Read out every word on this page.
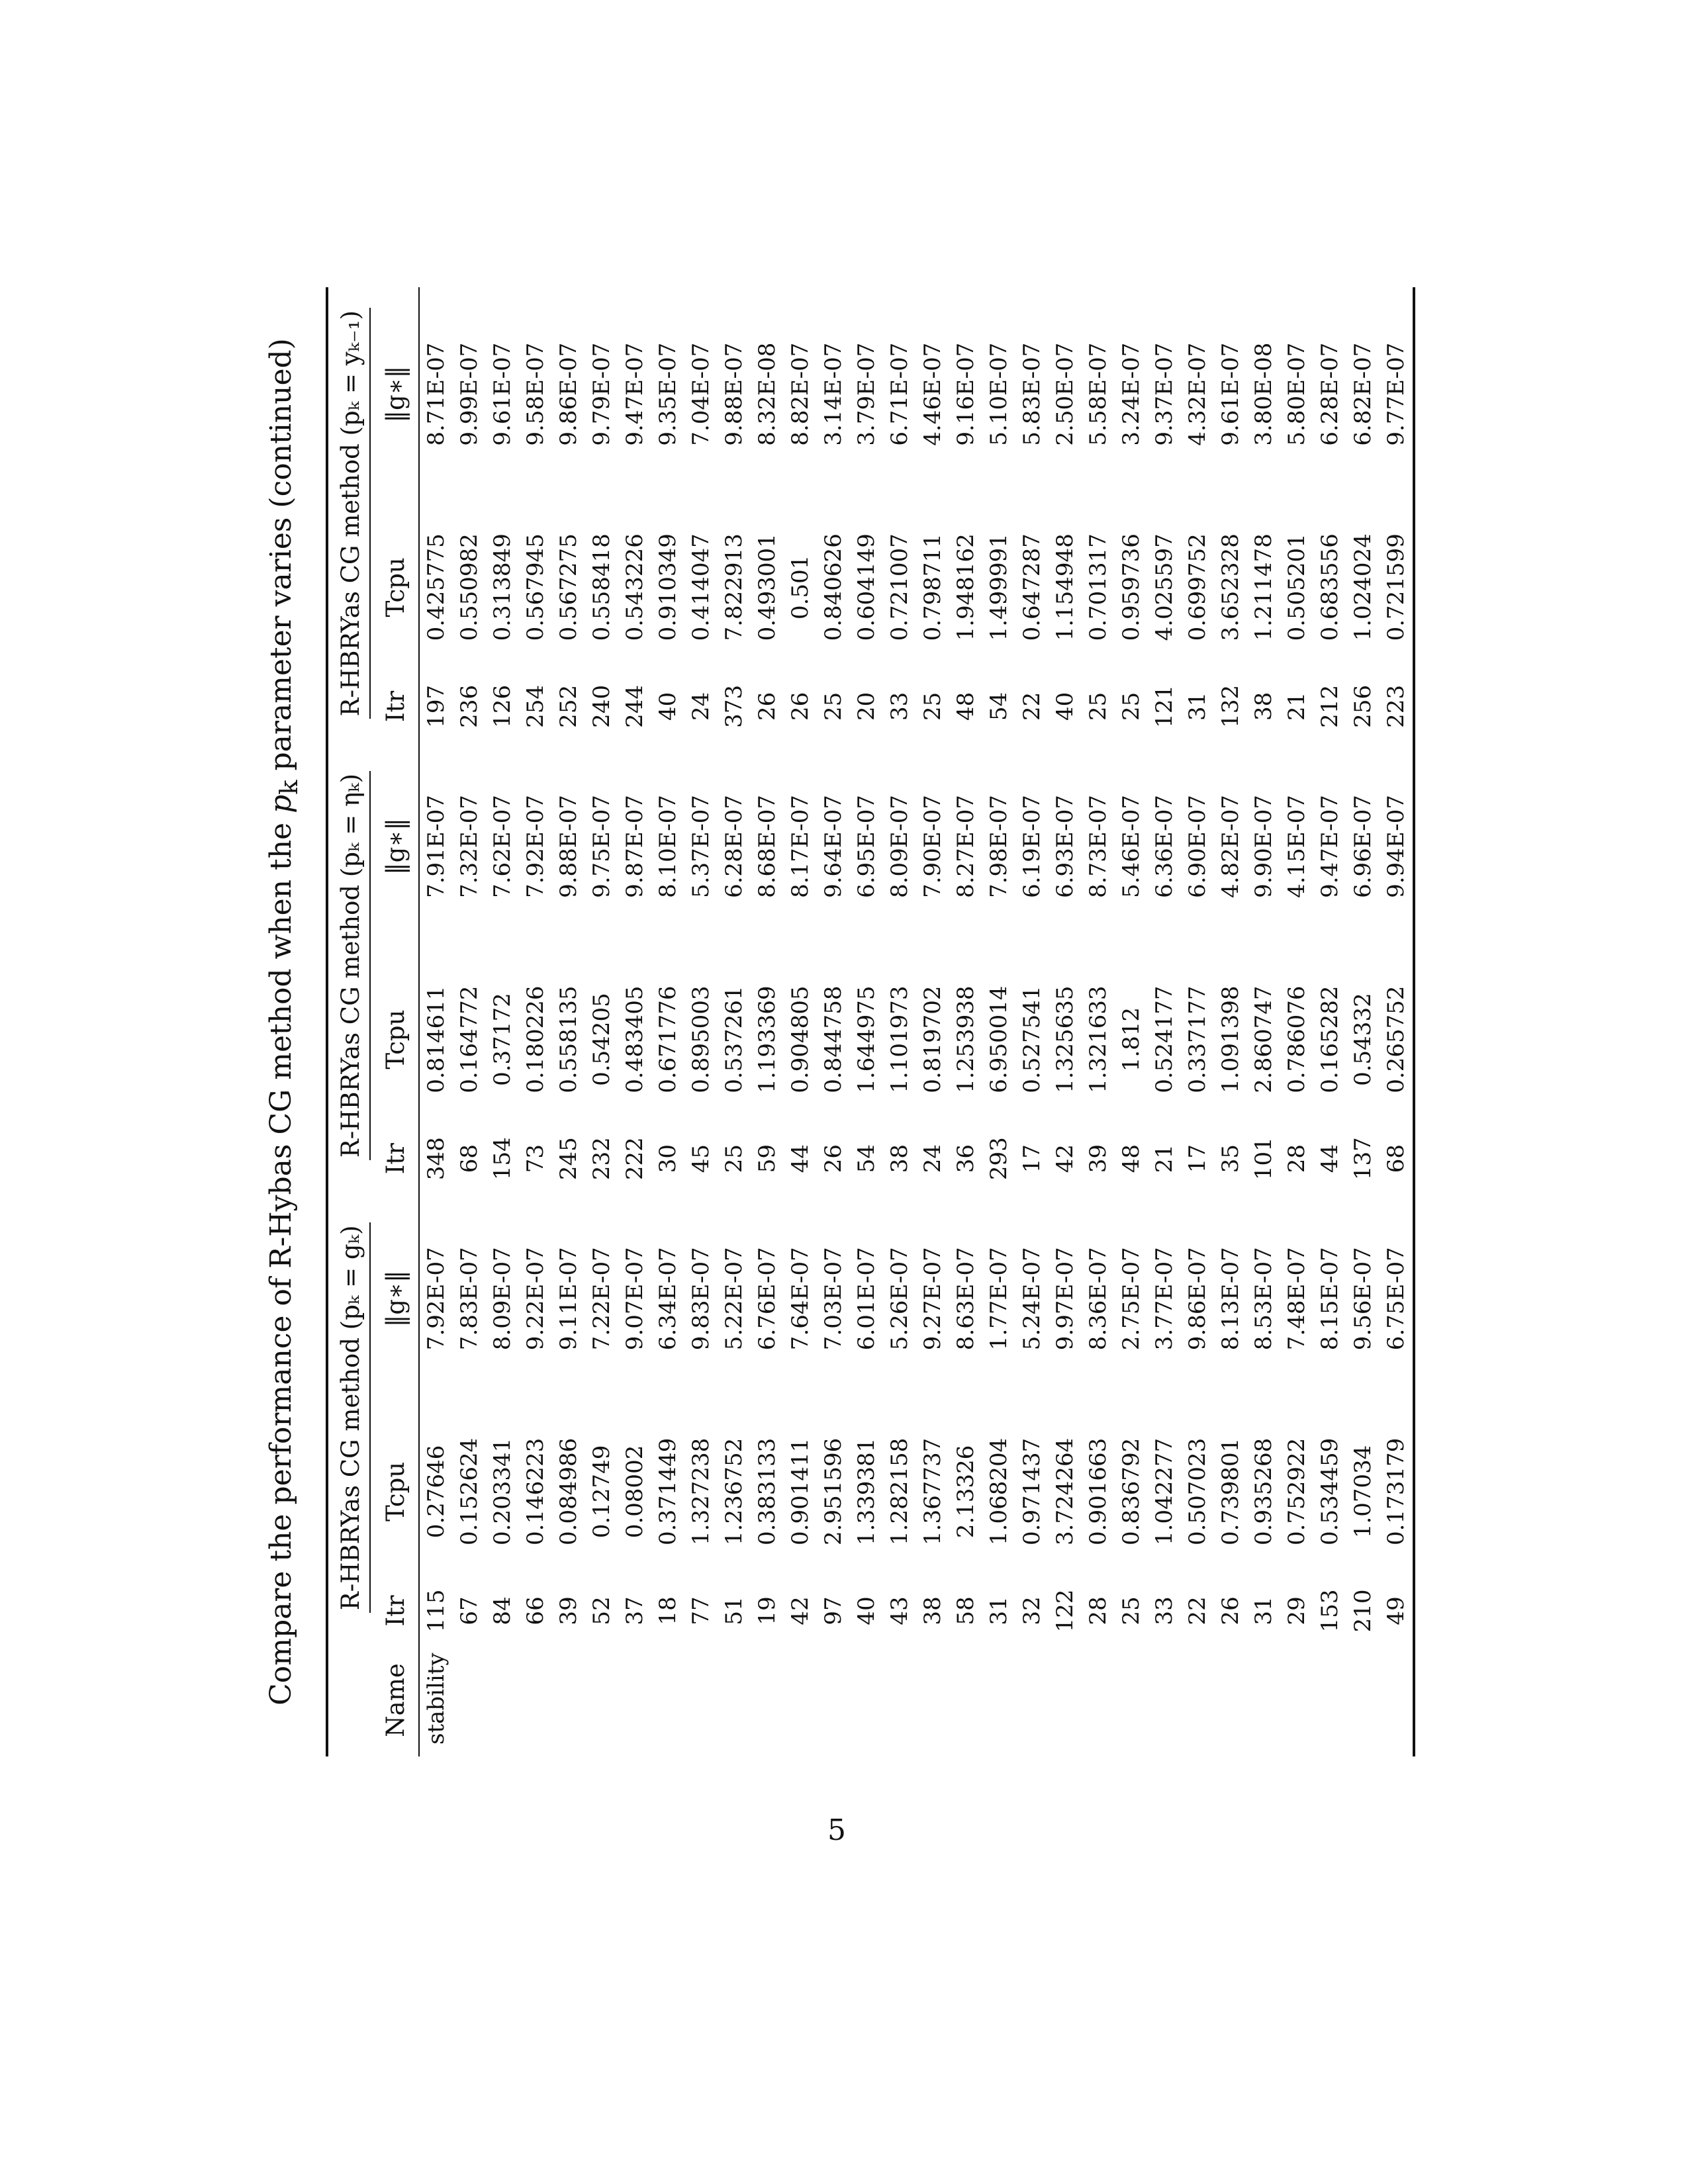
Compare the performance of R-Hybas CG method when the $p_k$ parameter varies (continued)
	R-HBRYas CG method (pₖ = gₖ)			R-HBRYas CG method (pₖ = ηₖ)			R-HBRYas CG method (pₖ = yₖ₋₁)		
Name	Itr	Tcpu	‖g∗‖	Itr	Tcpu	‖g∗‖	Itr	Tcpu	‖g∗‖
stability	115	0.27646	7.92E-07	348	0.814611	7.91E-07	197	0.425775	8.71E-07
	67	0.152624	7.83E-07	68	0.164772	7.32E-07	236	0.550982	9.99E-07
	84	0.203341	8.09E-07	154	0.37172	7.62E-07	126	0.313849	9.61E-07
	66	0.146223	9.22E-07	73	0.180226	7.92E-07	254	0.567945	9.58E-07
	39	0.084986	9.11E-07	245	0.558135	9.88E-07	252	0.567275	9.86E-07
	52	0.12749	7.22E-07	232	0.54205	9.75E-07	240	0.558418	9.79E-07
	37	0.08002	9.07E-07	222	0.483405	9.87E-07	244	0.543226	9.47E-07
	18	0.371449	6.34E-07	30	0.671776	8.10E-07	40	0.910349	9.35E-07
	77	1.327238	9.83E-07	45	0.895003	5.37E-07	24	0.414047	7.04E-07
	51	1.236752	5.22E-07	25	0.537261	6.28E-07	373	7.822913	9.88E-07
	19	0.383133	6.76E-07	59	1.193369	8.68E-07	26	0.493001	8.32E-08
	42	0.901411	7.64E-07	44	0.904805	8.17E-07	26	0.501	8.82E-07
	97	2.951596	7.03E-07	26	0.844758	9.64E-07	25	0.840626	3.14E-07
	40	1.339381	6.01E-07	54	1.644975	6.95E-07	20	0.604149	3.79E-07
	43	1.282158	5.26E-07	38	1.101973	8.09E-07	33	0.721007	6.71E-07
	38	1.367737	9.27E-07	24	0.819702	7.90E-07	25	0.798711	4.46E-07
	58	2.13326	8.63E-07	36	1.253938	8.27E-07	48	1.948162	9.16E-07
	31	1.068204	1.77E-07	293	6.950014	7.98E-07	54	1.499991	5.10E-07
	32	0.971437	5.24E-07	17	0.527541	6.19E-07	22	0.647287	5.83E-07
	122	3.724264	9.97E-07	42	1.325635	6.93E-07	40	1.154948	2.50E-07
	28	0.901663	8.36E-07	39	1.321633	8.73E-07	25	0.701317	5.58E-07
	25	0.836792	2.75E-07	48	1.812	5.46E-07	25	0.959736	3.24E-07
	33	1.042277	3.77E-07	21	0.524177	6.36E-07	121	4.025597	9.37E-07
	22	0.507023	9.86E-07	17	0.337177	6.90E-07	31	0.699752	4.32E-07
	26	0.739801	8.13E-07	35	1.091398	4.82E-07	132	3.652328	9.61E-07
	31	0.935268	8.53E-07	101	2.860747	9.90E-07	38	1.211478	3.80E-08
	29	0.752922	7.48E-07	28	0.786076	4.15E-07	21	0.505201	5.80E-07
	153	0.534459	8.15E-07	44	0.165282	9.47E-07	212	0.683556	6.28E-07
	210	1.07034	9.56E-07	137	0.54332	6.96E-07	256	1.024024	6.82E-07
	49	0.173179	6.75E-07	68	0.265752	9.94E-07	223	0.721599	9.77E-07
5
